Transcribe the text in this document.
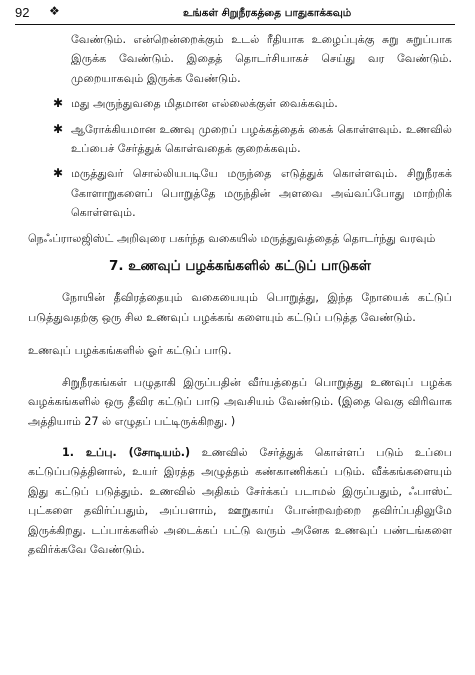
92 ❖	உங்கள் சிறுநீரகத்தை பாதுகாக்கவும்
வேண்டும். என்றென்றைக்கும் உடல் ரீதியாக உழைப்புக்கு சுறு சுறுப்பாக இருக்க வேண்டும். இதைத் தொடர்சியாகச் செய்து வர வேண்டும். முறையாகவும் இருக்க வேண்டும்.
✱ மது அருந்துவதை மிதமான எல்லைக்குள் வைக்கவும்.
✱ ஆரோக்கியமான உணவு முறைப் பழக்கத்தைக் கைக் கொள்ளவும். உணவில் உப்பைச் சேர்த்துக் கொள்வதைக் குறைக்கவும்.
✱ மருத்துவர் சொல்லியபடியே மருந்தை எடுத்துக் கொள்ளவும். சிறுநீரகக் கோளாறுகளைப் பொறுத்தே மருந்தின் அளவை அவ்வப்போது மாற்றிக் கொள்ளவும்.
நெஃப்ராலஜிஸ்ட் அறிவுரை பகர்ந்த வகையில் மருத்துவத்தைத் தொடர்ந்து வரவும்
7. உணவுப் பழக்கங்களில் கட்டுப் பாடுகள்
நோயின் தீவிரத்தையும் வகையையும் பொறுத்து, இந்த நோயைக் கட்டுப் படுத்துவதற்கு ஒரு சில உணவுப் பழக்கங் களையும் கட்டுப் படுத்த வேண்டும்.
உணவுப் பழக்கங்களில் ஓர் கட்டுப் பாடு.
சிறுநீரகங்கள் பழுதாகி இருப்பதின் வீர்யத்தைப் பொறுத்து உணவுப் பழக்க வழக்கங்களில் ஒரு தீவிர கட்டுப் பாடு அவசியம் வேண்டும். (இதை வெகு விரிவாக அத்தியாம் 27 ல் எழுதப் பட்டிருக்கிறது. )
1. உப்பு. (சோடியம்.) உணவில் சேர்த்துக் கொள்ளப் படும் உப்பை கட்டுப்படுத்தினால், உயர் இரத்த அழுத்தம் கண்காணிக்கப் படும். வீக்கங்களையும் இது கட்டுப் படுத்தும். உணவில் அதிகம் சேர்க்கப் படாமல் இருப்பதும், ஃபாஸ்ட் புட்களை தவிர்ப்பதும், அப்பளாம், ஊறுகாய் போன்றவற்றை தவிர்ப்பதிலுமே இருக்கிறது. டப்பாக்களில் அடைக்கப் பட்டு வரும் அனேக உணவுப் பண்டங்களை தவிர்க்கவே வேண்டும்.
